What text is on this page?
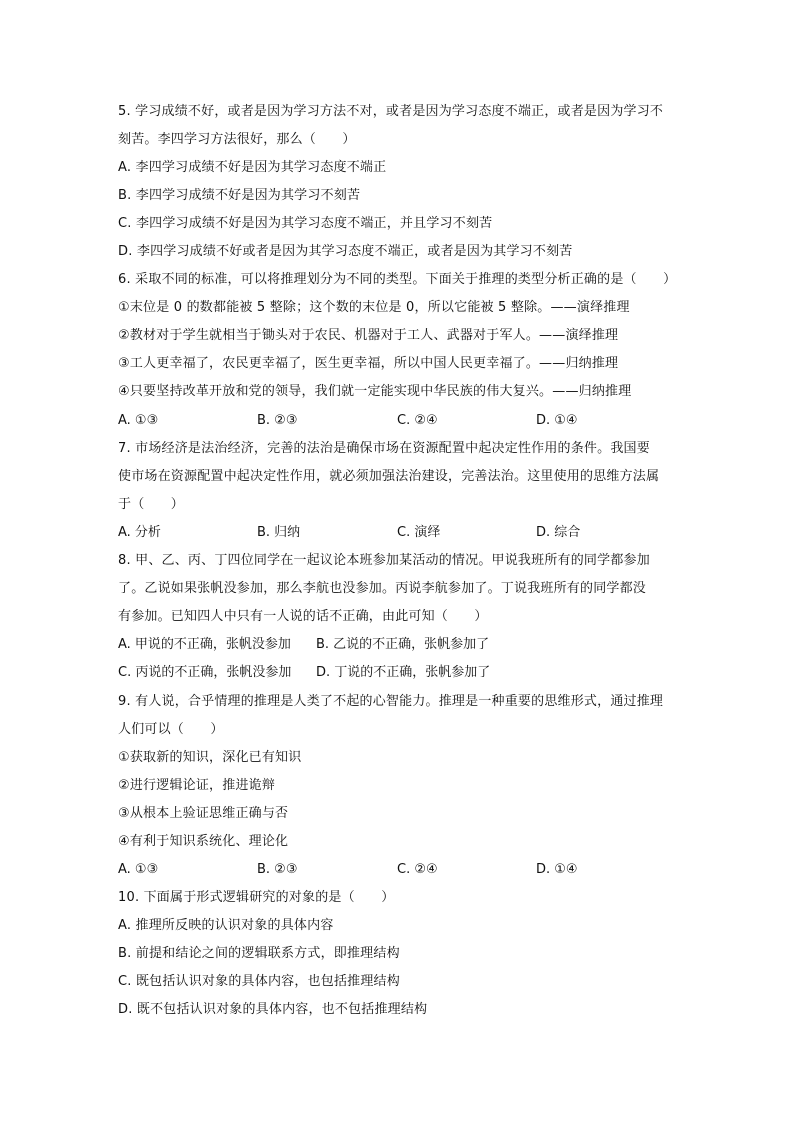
5. 学习成绩不好，或者是因为学习方法不对，或者是因为学习态度不端正，或者是因为学习不
刻苦。李四学习方法很好，那么（　　）
A. 李四学习成绩不好是因为其学习态度不端正
B. 李四学习成绩不好是因为其学习不刻苦
C. 李四学习成绩不好是因为其学习态度不端正，并且学习不刻苦
D. 李四学习成绩不好或者是因为其学习态度不端正，或者是因为其学习不刻苦
6. 采取不同的标准，可以将推理划分为不同的类型。下面关于推理的类型分析正确的是（　　）
①末位是 0 的数都能被 5 整除；这个数的末位是 0，所以它能被 5 整除。——演绎推理
②教材对于学生就相当于锄头对于农民、机器对于工人、武器对于军人。——演绎推理
③工人更幸福了，农民更幸福了，医生更幸福，所以中国人民更幸福了。——归纳推理
④只要坚持改革开放和党的领导，我们就一定能实现中华民族的伟大复兴。——归纳推理
A. ①③	B. ②③	C. ②④	D. ①④
7. 市场经济是法治经济，完善的法治是确保市场在资源配置中起决定性作用的条件。我国要
使市场在资源配置中起决定性作用，就必须加强法治建设，完善法治。这里使用的思维方法属
于（　　）
A. 分析	B. 归纳	C. 演绎	D. 综合
8. 甲、乙、丙、丁四位同学在一起议论本班参加某活动的情况。甲说我班所有的同学都参加
了。乙说如果张帆没参加，那么李航也没参加。丙说李航参加了。丁说我班所有的同学都没
有参加。已知四人中只有一人说的话不正确，由此可知（　　）
A. 甲说的不正确，张帆没参加 B. 乙说的不正确，张帆参加了
C. 丙说的不正确，张帆没参加 D. 丁说的不正确，张帆参加了
9. 有人说，合乎情理的推理是人类了不起的心智能力。推理是一种重要的思维形式，通过推理
人们可以（　　）
①获取新的知识，深化已有知识
②进行逻辑论证，推进诡辩
③从根本上验证思维正确与否
④有利于知识系统化、理论化
A. ①③	B. ②③	C. ②④	D. ①④
10. 下面属于形式逻辑研究的对象的是（　　）
A. 推理所反映的认识对象的具体内容
B. 前提和结论之间的逻辑联系方式，即推理结构
C. 既包括认识对象的具体内容，也包括推理结构
D. 既不包括认识对象的具体内容，也不包括推理结构
